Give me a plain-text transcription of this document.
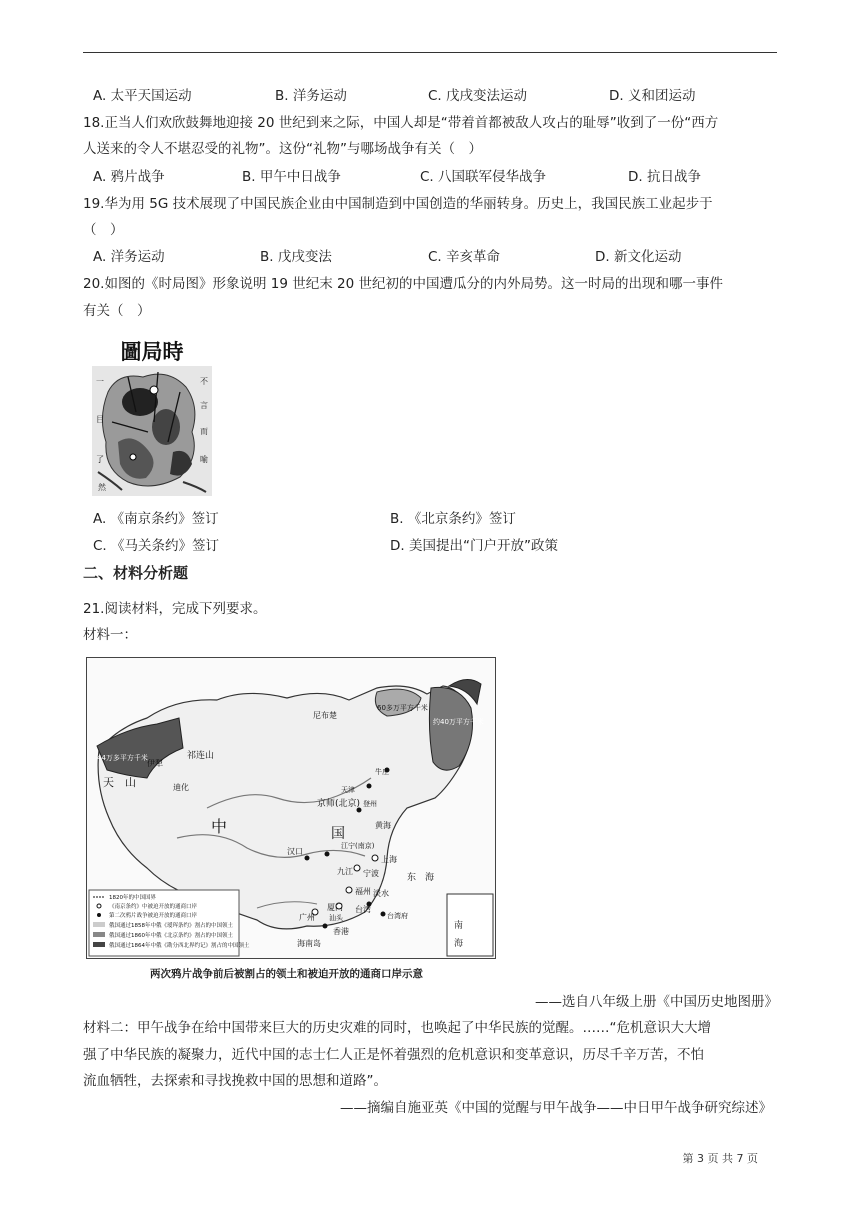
A. 太平天国运动	B. 洋务运动	C. 戊戌变法运动	D. 义和团运动
18.正当人们欢欣鼓舞地迎接 20 世纪到来之际，中国人却是“带着首都被敌人攻占的耻辱”收到了一份“西方
人送来的令人不堪忍受的礼物”。这份“礼物”与哪场战争有关（　）
A. 鸦片战争	B. 甲午中日战争	C. 八国联军侵华战争	D. 抗日战争
19.华为用 5G 技术展现了中国民族企业由中国制造到中国创造的华丽转身。历史上，我国民族工业起步于
（　）
A. 洋务运动	B. 戊戌变法	C. 辛亥革命	D. 新文化运动
20.如图的《时局图》形象说明 19 世纪末 20 世纪初的中国遭瓜分的内外局势。这一时局的出现和哪一事件
有关（　）
圖局時
一
目
了
不
言
而
喻
然
A. 《南京条约》签订	B. 《北京条约》签订
C. 《马关条约》签订	D. 美国提出“门户开放”政策
二、材料分析题
21.阅读材料，完成下列要求。
材料一：
南　海
44万多平方千米
60多万平方千米
约40万平方千米
天　山
祁连山
伊犁
迪化
尼布楚
中	国
京师(北京)
上海
黄海
东　海
汉口
江宁(南京)
九江 宁波
福州
厦门
广州 汕头
淡水
台湾府
台湾
香港
海南岛
登州
天津
牛庄
1820年的中国国界
《南京条约》中被迫开放的通商口岸
第二次鸦片战争被迫开放的通商口岸
俄国通过1858年中俄《瑷珲条约》割占的中国领土
俄国通过1860年中俄《北京条约》割占的中国领土
俄国通过1864年中俄《勘分西北界约记》割占的中国领土
两次鸦片战争前后被割占的领土和被迫开放的通商口岸示意
——选自八年级上册《中国历史地图册》
材料二：甲午战争在给中国带来巨大的历史灾难的同时，也唤起了中华民族的觉醒。……“危机意识大大增
强了中华民族的凝聚力，近代中国的志士仁人正是怀着强烈的危机意识和变革意识，历尽千辛万苦，不怕
流血牺牲，去探索和寻找挽救中国的思想和道路”。
——摘编自施亚英《中国的觉醒与甲午战争——中日甲午战争研究综述》
第 3 页 共 7 页
